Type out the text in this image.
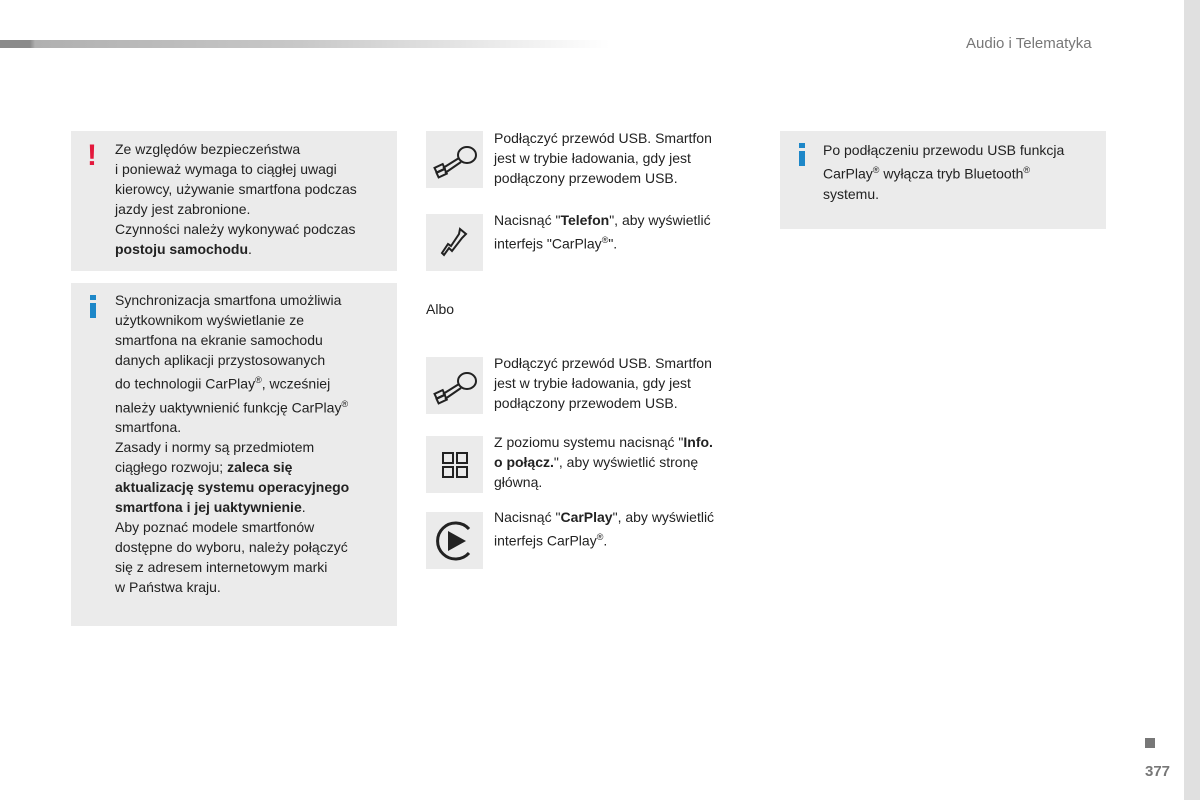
Audio i Telematyka
! Ze względów bezpieczeństwa
i ponieważ wymaga to ciągłej uwagi
kierowcy, używanie smartfona podczas
jazdy jest zabronione.
Czynności należy wykonywać podczas
postoju samochodu.
Synchronizacja smartfona umożliwia
użytkownikom wyświetlanie ze
smartfona na ekranie samochodu
danych aplikacji przystosowanych
do technologii CarPlay®, wcześniej
należy uaktywnienić funkcję CarPlay®
smartfona.
Zasady i normy są przedmiotem
ciągłego rozwoju; zaleca się
aktualizację systemu operacyjnego
smartfona i jej uaktywnienie.
Aby poznać modele smartfonów
dostępne do wyboru, należy połączyć
się z adresem internetowym marki
w Państwa kraju.
Podłączyć przewód USB. Smartfon
jest w trybie ładowania, gdy jest
podłączony przewodem USB.
Nacisnąć "Telefon", aby wyświetlić
interfejs "CarPlay®".
Albo
Podłączyć przewód USB. Smartfon
jest w trybie ładowania, gdy jest
podłączony przewodem USB.
Z poziomu systemu nacisnąć "Info.
o połącz.", aby wyświetlić stronę
główną.
Nacisnąć "CarPlay", aby wyświetlić
interfejs CarPlay®.
Po podłączeniu przewodu USB funkcja
CarPlay® wyłącza tryb Bluetooth®
systemu.
377
